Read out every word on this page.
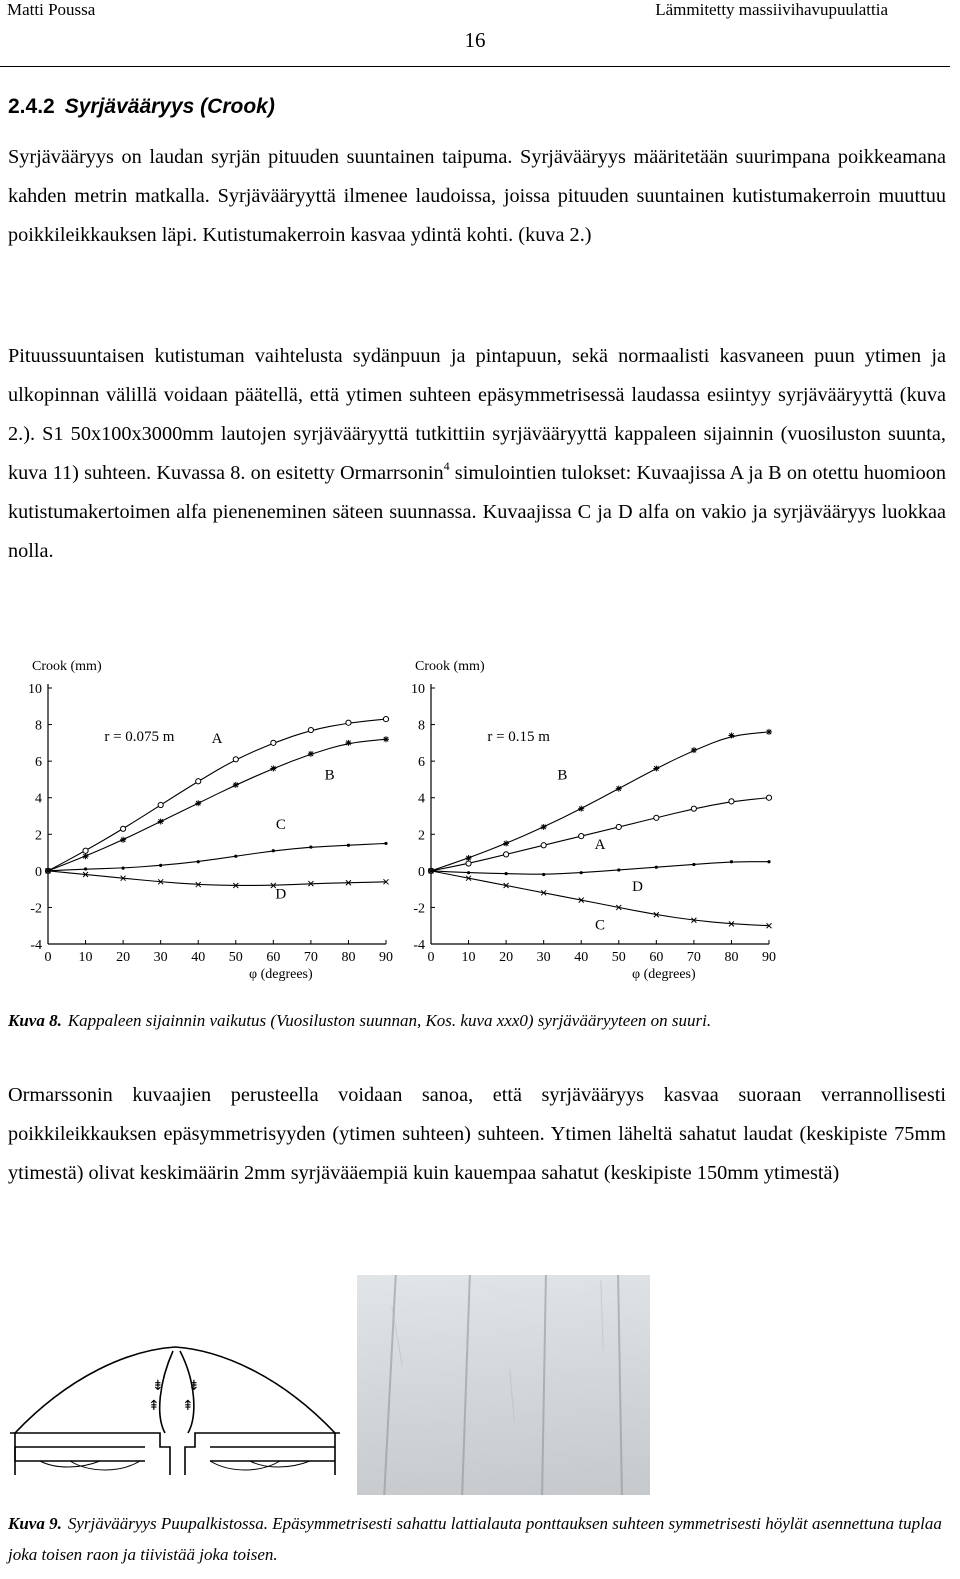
Matti Poussa	Lämmitetty massiivihavupuulattia
16
2.4.2 Syrjävääryys (Crook)

Syrjävääryys on laudan syrjän pituuden suuntainen taipuma. Syrjävääryys määritetään suurimpana poikkeamana kahden metrin matkalla. Syrjävääryyttä ilmenee laudoissa, joissa pituuden suuntainen kutistumakerroin muuttuu poikkileikkauksen läpi. Kutistumakerroin kasvaa ydintä kohti. (kuva 2.)

Pituussuuntaisen kutistuman vaihtelusta sydänpuun ja pintapuun, sekä normaalisti kasvaneen puun ytimen ja ulkopinnan välillä voidaan päätellä, että ytimen suhteen epäsymmetrisessä laudassa esiintyy syrjävääryyttä (kuva 2.). S1 50x100x3000mm lautojen syrjävääryyttä tutkittiin syrjävääryyttä kappaleen sijainnin (vuosiluston suunta, kuva 11) suhteen. Kuvassa 8. on esitetty Ormarrsonin$^4$ simulointien tulokset: Kuvaajissa A ja B on otettu huomioon kutistumakertoimen alfa pieneneminen säteen suunnassa. Kuvaajissa C ja D alfa on vakio ja syrjävääryys luokkaa nolla.

Crook (mm)
r = 0.075 m
-4
-2
0
2
4
6
8
10
0 10 20 30 40 50 60 70 80 90
φ (degrees)
A
B
C
D
Crook (mm)
r = 0.15 m
-4
-2
0
2
4
6
8
10
0 10 20 30 40 50 60 70 80 90
φ (degrees)
A
B
C
D

Kuva 8. Kappaleen sijainnin vaikutus (Vuosiluston suunnan, Kos. kuva xxx0) syrjävääryyteen on suuri.

Ormarssonin kuvaajien perusteella voidaan sanoa, että syrjävääryys kasvaa suoraan verrannollisesti poikkileikkauksen epäsymmetrisyyden (ytimen suhteen) suhteen. Ytimen läheltä sahatut laudat (keskipiste 75mm ytimestä) olivat keskimäärin 2mm syrjävääempiä kuin kauempaa sahatut (keskipiste 150mm ytimestä)

⇟
⇞
⇟
⇞

Kuva 9. Syrjävääryys Puupalkistossa. Epäsymmetrisesti sahattu lattialauta ponttauksen suhteen symmetrisesti höylät asennettuna tuplaa joka toisen raon ja tiivistää joka toisen.
